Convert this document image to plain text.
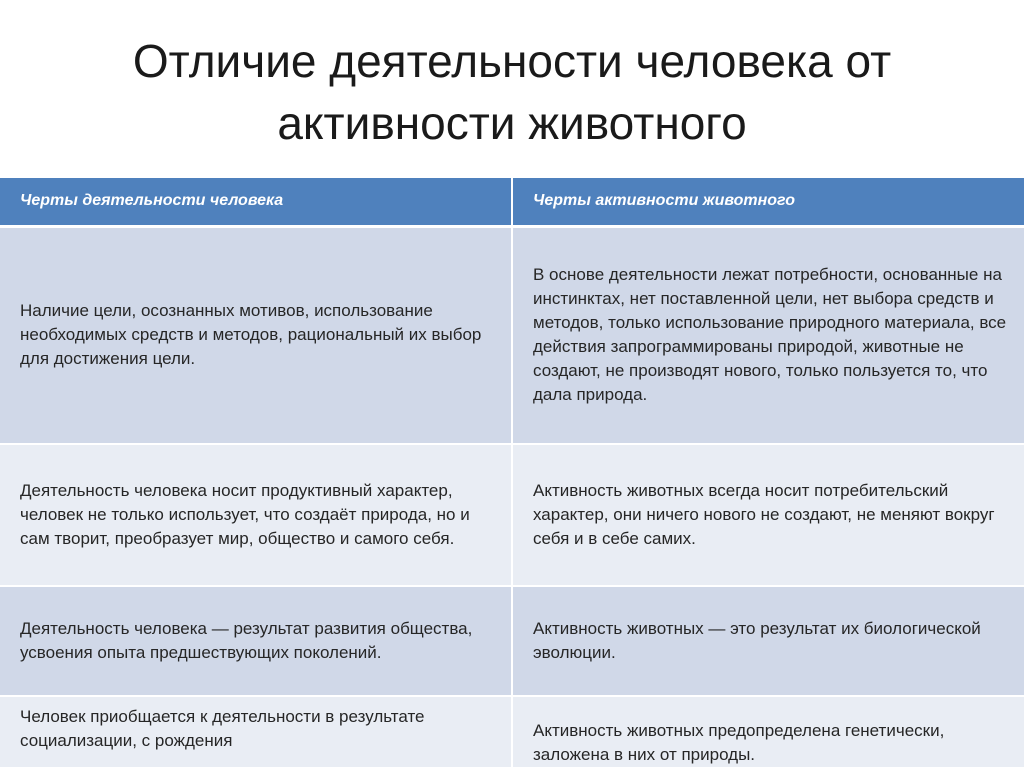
Отличие деятельности человека от
активности животного
Черты деятельности человека	Черты активности животного
Наличие цели, осознанных мотивов, использование необходимых средств и методов, рациональный их выбор для достижения цели.	В основе деятельности лежат потребности, основанные на инстинктах, нет поставленной цели, нет выбора средств и методов, только использование природного материала, все действия запрограммированы природой, животные не создают, не производят нового, только пользуется то, что дала природа.
Деятельность человека носит продуктивный характер, человек не только использует, что создаёт природа, но и сам творит, преобразует мир, общество и самого себя.	Активность животных всегда носит потребительский характер, они ничего нового не создают, не меняют вокруг себя и в себе самих.
Деятельность человека — результат развития общества, усвоения опыта предшествующих поколений.	Активность животных — это результат их биологической эволюции.
Человек приобщается к деятельности в результате социализации, с рождения	Активность животных предопределена генетически, заложена в них от природы.
